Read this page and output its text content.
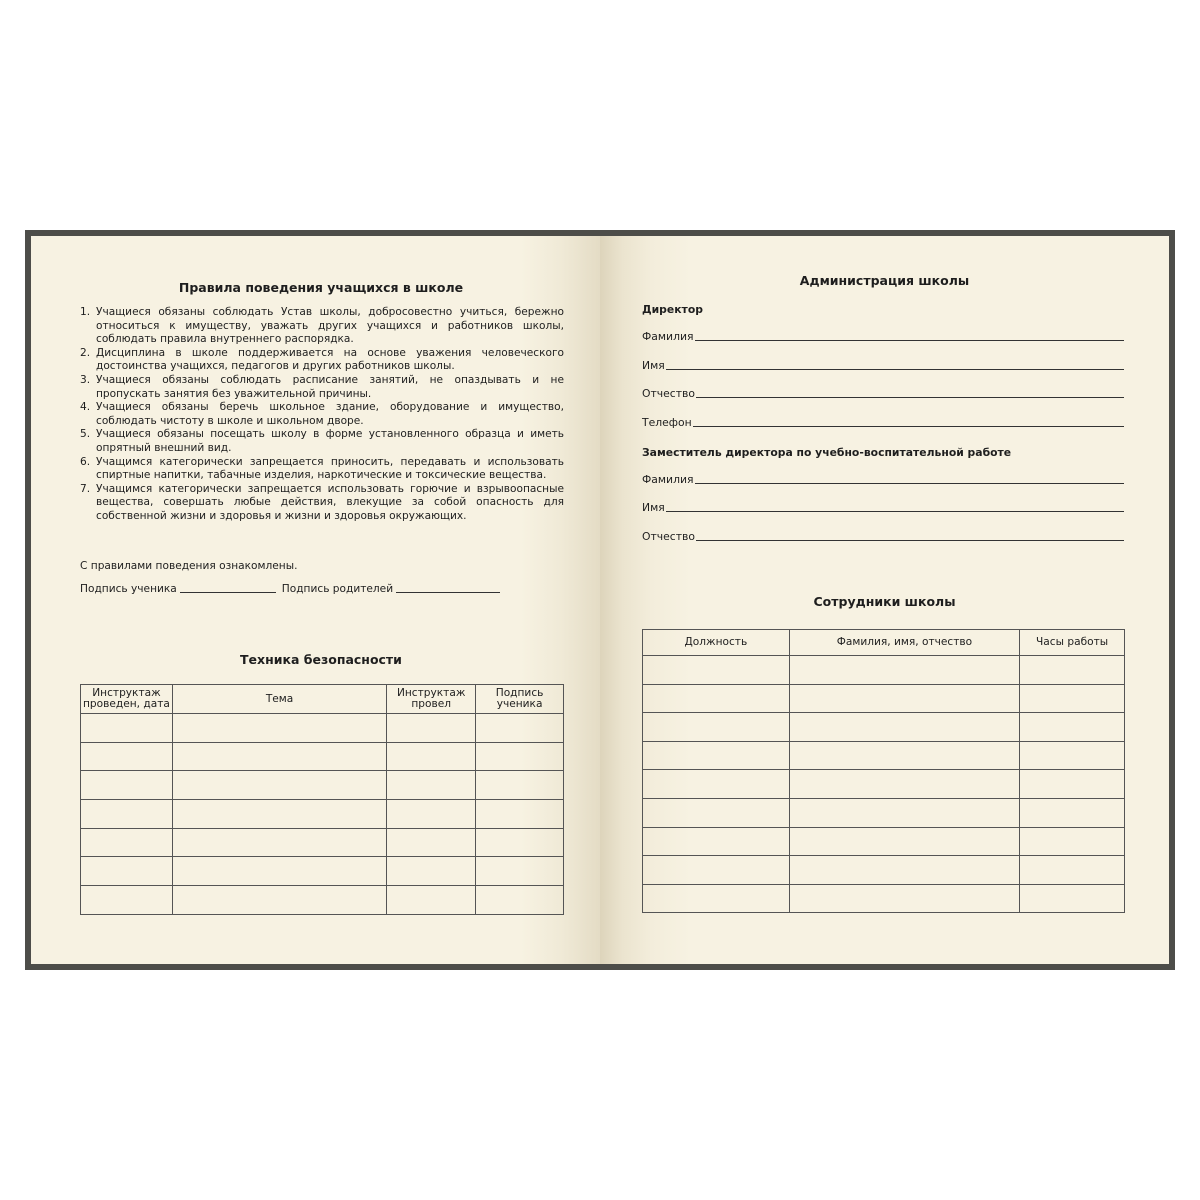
Правила поведения учащихся в школе
1. Учащиеся обязаны соблюдать Устав школы, добросовестно учиться, бережно относиться к имуществу, уважать других учащихся и работников школы, соблюдать правила внутреннего распорядка.
2. Дисциплина в школе поддерживается на основе уважения человеческого достоинства учащихся, педагогов и других работников школы.
3. Учащиеся обязаны соблюдать расписание занятий, не опаздывать и не пропускать занятия без уважительной причины.
4. Учащиеся обязаны беречь школьное здание, оборудование и имущество, соблюдать чистоту в школе и школьном дворе.
5. Учащиеся обязаны посещать школу в форме установленного образца и иметь опрятный внешний вид.
6. Учащимся категорически запрещается приносить, передавать и использовать спиртные напитки, табачные изделия, наркотические и токсические вещества.
7. Учащимся категорически запрещается использовать горючие и взрывоопасные вещества, совершать любые действия, влекущие за собой опасность для собственной жизни и здоровья и жизни и здоровья окружающих.
С правилами поведения ознакомлены.
Подпись ученика	Подпись родителей
Техника безопасности
Инструктаж проведен, дата	Тема	Инструктаж провел	Подпись ученика

Администрация школы
Директор
Фамилия
Имя
Отчество
Телефон
Заместитель директора по учебно-воспитательной работе
Фамилия
Имя
Отчество
Сотрудники школы
Должность	Фамилия, имя, отчество	Часы работы
